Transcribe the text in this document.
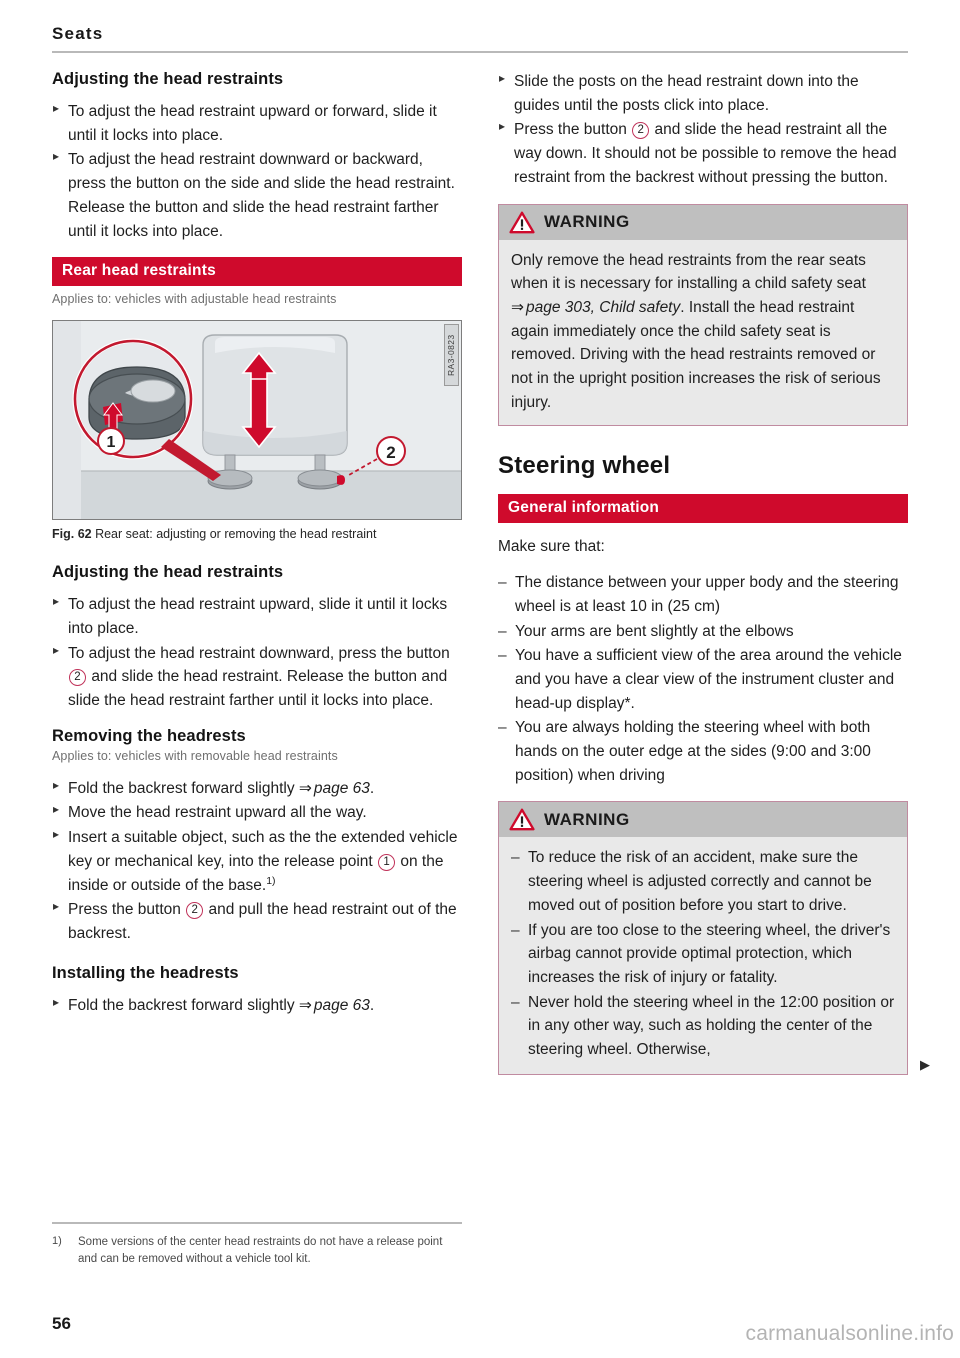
Seats
Adjusting the head restraints
▸ To adjust the head restraint upward or forward, slide it until it locks into place.
▸ To adjust the head restraint downward or backward, press the button on the side and slide the head restraint. Release the button and slide the head restraint farther until it locks into place.
Rear head restraints
Applies to: vehicles with adjustable head restraints
1
2
RA3-0823
Fig. 62 Rear seat: adjusting or removing the head restraint
Adjusting the head restraints
▸ To adjust the head restraint upward, slide it until it locks into place.
▸ To adjust the head restraint downward, press the button 2 and slide the head restraint. Release the button and slide the head restraint farther until it locks into place.
Removing the headrests
Applies to: vehicles with removable head restraints
▸ Fold the backrest forward slightly ⇒ page 63.
▸ Move the head restraint upward all the way.
▸ Insert a suitable object, such as the the extended vehicle key or mechanical key, into the release point 1 on the inside or outside of the base.$^{1)}$
▸ Press the button 2 and pull the head restraint out of the backrest.
Installing the headrests
▸ Fold the backrest forward slightly ⇒ page 63.
▸ Slide the posts on the head restraint down into the guides until the posts click into place.
▸ Press the button 2 and slide the head restraint all the way down. It should not be possible to remove the head restraint from the backrest without pressing the button.
WARNING

Only remove the head restraints from the rear seats when it is necessary for installing a child safety seat ⇒ page 303, Child safety. Install the head restraint again immediately once the child safety seat is removed. Driving with the head restraints removed or not in the upright position increases the risk of serious injury.

Steering wheel
General information

Make sure that:

– The distance between your upper body and the steering wheel is at least 10 in (25 cm)
– Your arms are bent slightly at the elbows
– You have a sufficient view of the area around the vehicle and you have a clear view of the instrument cluster and head-up display*.
– You are always holding the steering wheel with both hands on the outer edge at the sides (9:00 and 3:00 position) when driving
WARNING
– To reduce the risk of an accident, make sure the steering wheel is adjusted correctly and cannot be moved out of position before you start to drive.
– If you are too close to the steering wheel, the driver's airbag cannot provide optimal protection, which increases the risk of injury or fatality.
– Never hold the steering wheel in the 12:00 position or in any other way, such as holding the center of the steering wheel. Otherwise,
▶
1) Some versions of the center head restraints do not have a release point and can be removed without a vehicle tool kit.
56	carmanualsonline.info
